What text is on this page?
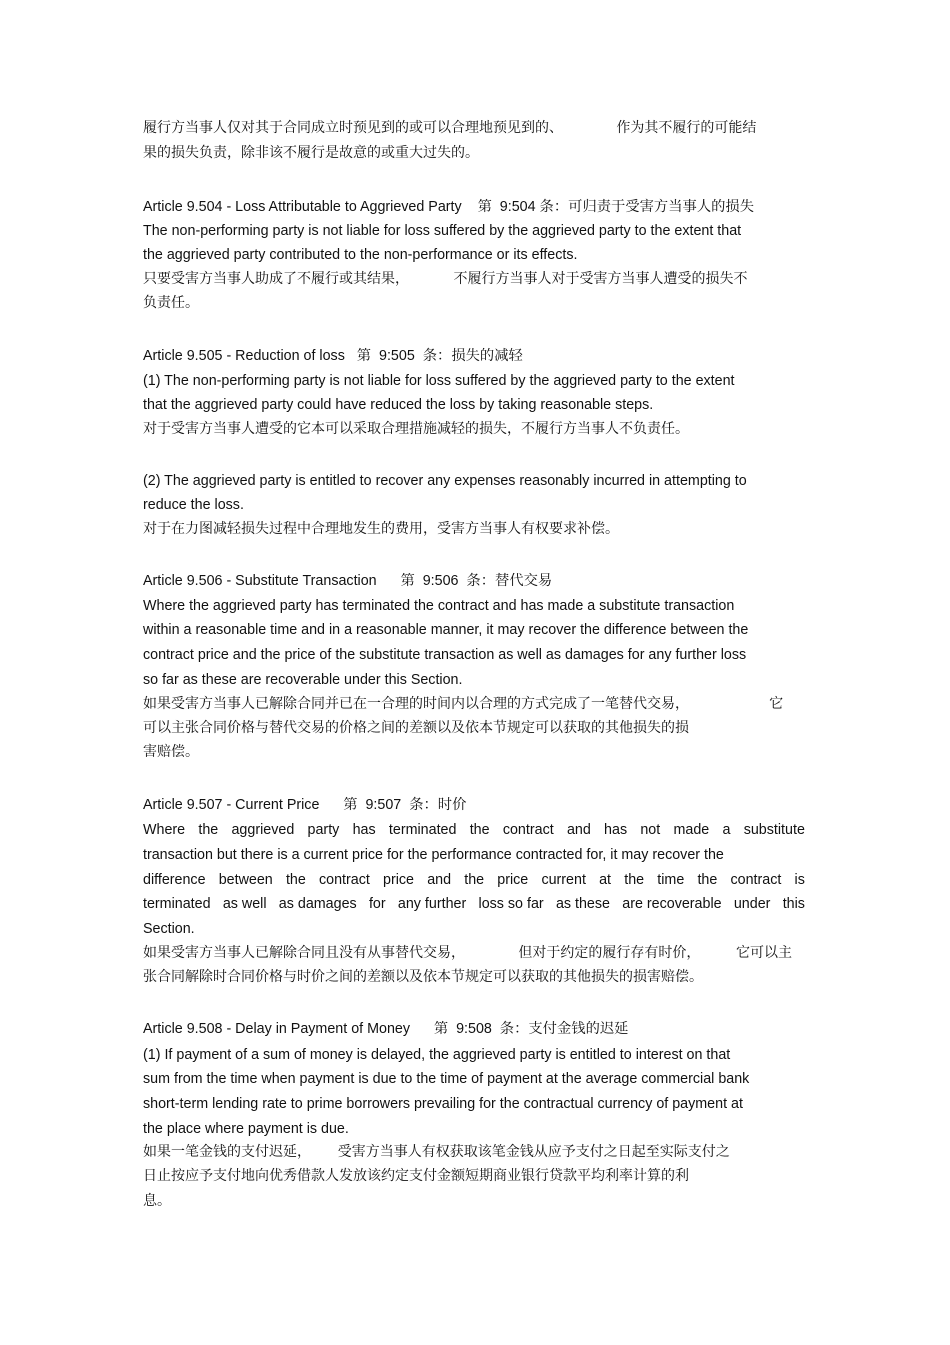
履行方当事人仅对其于合同成立时预见到的或可以合理地预见到的、            作为其不履行的可能结
果的损失负责，除非该不履行是故意的或重大过失的。
Article 9.504 - Loss Attributable to Aggrieved Party    第  9:504 条：可归责于受害方当事人的损失
The non-performing party is not liable for loss suffered by the aggrieved party to the extent that
the aggrieved party contributed to the non-performance or its effects.
只要受害方当事人助成了不履行或其结果，          不履行方当事人对于受害方当事人遭受的损失不
负责任。
Article 9.505 - Reduction of loss   第  9:505  条：损失的减轻
(1) The non-performing party is not liable for loss suffered by the aggrieved party to the extent
that the aggrieved party could have reduced the loss by taking reasonable steps.
对于受害方当事人遭受的它本可以采取合理措施减轻的损失，不履行方当事人不负责任。
(2) The aggrieved party is entitled to recover any expenses reasonably incurred in attempting to
reduce the loss.
对于在力图减轻损失过程中合理地发生的费用，受害方当事人有权要求补偿。
Article 9.506 - Substitute Transaction      第  9:506  条：替代交易
Where the aggrieved party has terminated the contract and has made a substitute transaction
within a reasonable time and in a reasonable manner, it may recover the difference between the
contract price and the price of the substitute transaction as well as damages for any further loss
so far as these are recoverable under this Section.
如果受害方当事人已解除合同并已在一合理的时间内以合理的方式完成了一笔替代交易，                  它
可以主张合同价格与替代交易的价格之间的差额以及依本节规定可以获取的其他损失的损
害赔偿。
Article 9.507 - Current Price      第  9:507  条：时价
Where the aggrieved party has terminated the contract and has not made a substitute
transaction but there is a current price for the performance contracted for, it may recover the
difference between the contract price and the price current at the time the contract is
terminated as well as damages for any further loss so far as these are recoverable under this
Section.
如果受害方当事人已解除合同且没有从事替代交易，            但对于约定的履行存有时价，        它可以主
张合同解除时合同价格与时价之间的差额以及依本节规定可以获取的其他损失的损害赔偿。
Article 9.508 - Delay in Payment of Money      第  9:508  条：支付金钱的迟延
(1) If payment of a sum of money is delayed, the aggrieved party is entitled to interest on that
sum from the time when payment is due to the time of payment at the average commercial bank
short-term lending rate to prime borrowers prevailing for the contractual currency of payment at
the place where payment is due.
如果一笔金钱的支付迟延，      受害方当事人有权获取该笔金钱从应予支付之日起至实际支付之
日止按应予支付地向优秀借款人发放该约定支付金额短期商业银行贷款平均利率计算的利
息。
